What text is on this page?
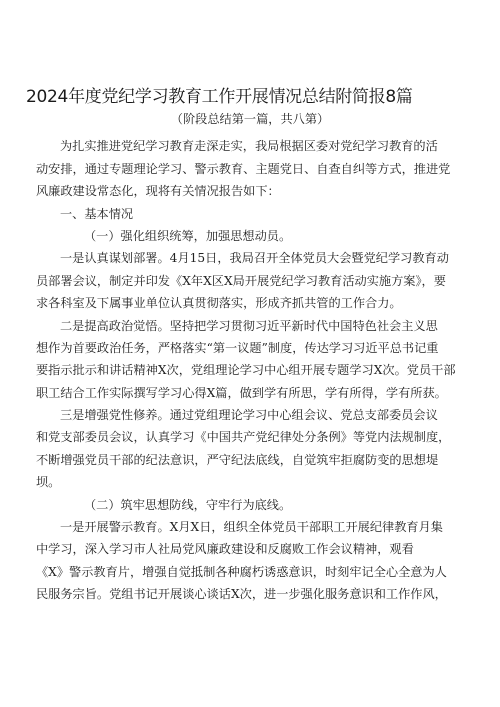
2024年度党纪学习教育工作开展情况总结附简报8篇

（阶段总结第一篇，共八第）

为扎实推进党纪学习教育走深走实，我局根据区委对党纪学习教育的活

动安排，通过专题理论学习、警示教育、主题党日、自查自纠等方式，推进党

风廉政建设常态化，现将有关情况报告如下：

一、基本情况

（一）强化组织统筹，加强思想动员。

一是认真谋划部署。4月15日，我局召开全体党员大会暨党纪学习教育动

员部署会议，制定并印发《X年X区X局开展党纪学习教育活动实施方案》，要

求各科室及下属事业单位认真贯彻落实，形成齐抓共管的工作合力。

二是提高政治觉悟。坚持把学习贯彻习近平新时代中国特色社会主义思

想作为首要政治任务，严格落实“第一议题”制度，传达学习习近平总书记重

要指示批示和讲话精神X次，党组理论学习中心组开展专题学习X次。党员干部

职工结合工作实际撰写学习心得X篇，做到学有所思，学有所得，学有所获。

三是增强党性修养。通过党组理论学习中心组会议、党总支部委员会议

和党支部委员会议，认真学习《中国共产党纪律处分条例》等党内法规制度，

不断增强党员干部的纪法意识，严守纪法底线，自觉筑牢拒腐防变的思想堤

坝。

（二）筑牢思想防线，守牢行为底线。

一是开展警示教育。X月X日，组织全体党员干部职工开展纪律教育月集

中学习，深入学习市人社局党风廉政建设和反腐败工作会议精神，观看

《X》警示教育片，增强自觉抵制各种腐朽诱惑意识，时刻牢记全心全意为人

民服务宗旨。党组书记开展谈心谈话X次，进一步强化服务意识和工作作风，
